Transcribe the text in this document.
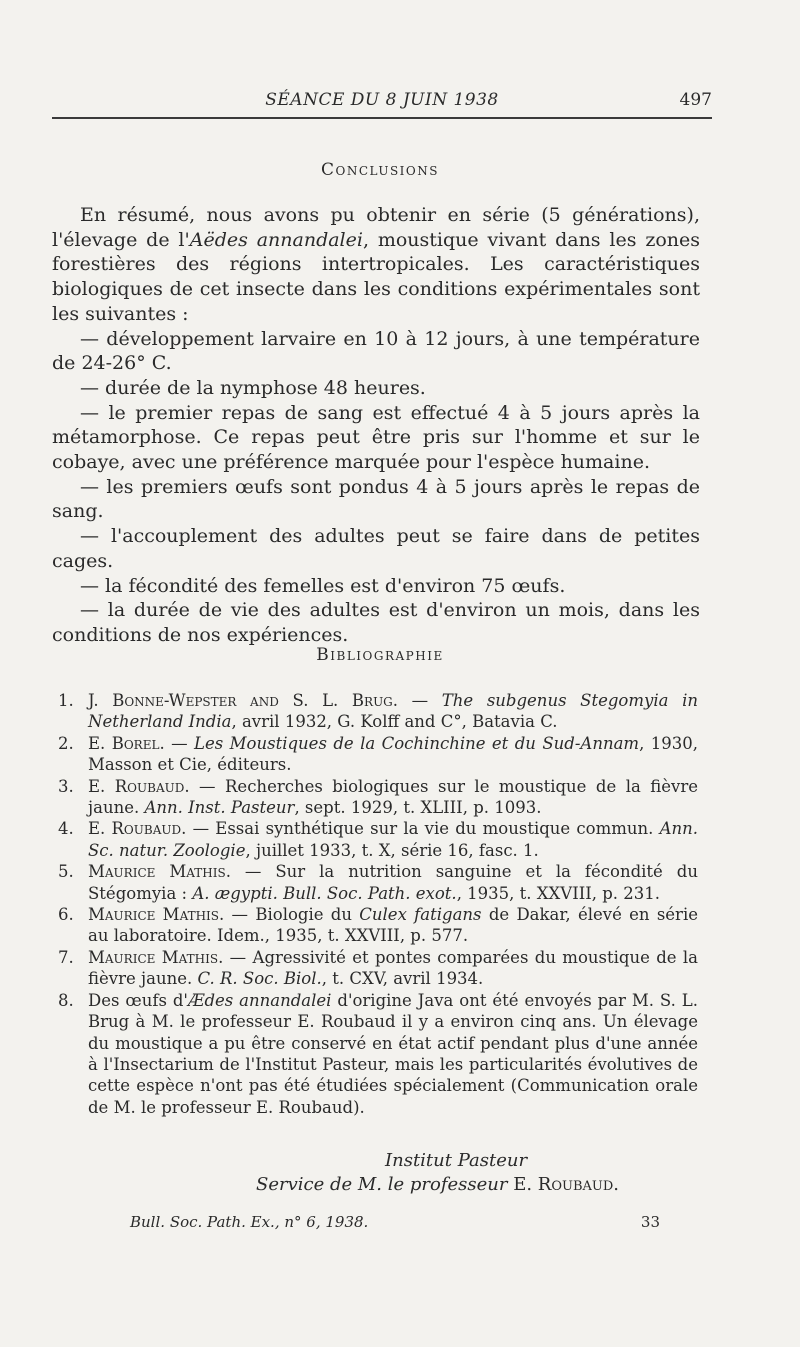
SÉANCE DU 8 JUIN 1938	497
Conclusions

En résumé, nous avons pu obtenir en série (5 générations), l'élevage de l'Aëdes annandalei, moustique vivant dans les zones forestières des régions intertropicales. Les caractéristiques biologiques de cet insecte dans les conditions expérimentales sont les suivantes :

— développement larvaire en 10 à 12 jours, à une température de 24-26° C.

— durée de la nymphose 48 heures.

— le premier repas de sang est effectué 4 à 5 jours après la métamorphose. Ce repas peut être pris sur l'homme et sur le cobaye, avec une préférence marquée pour l'espèce humaine.

— les premiers œufs sont pondus 4 à 5 jours après le repas de sang.

— l'accouplement des adultes peut se faire dans de petites cages.

— la fécondité des femelles est d'environ 75 œufs.

— la durée de vie des adultes est d'environ un mois, dans les conditions de nos expériences.

Bibliographie
1. J. Bonne-Wepster and S. L. Brug. — The subgenus Stegomyia in Netherland India, avril 1932, G. Kolff and C°, Batavia C.
2. E. Borel. — Les Moustiques de la Cochinchine et du Sud-Annam, 1930, Masson et Cie, éditeurs.
3. E. Roubaud. — Recherches biologiques sur le moustique de la fièvre jaune. Ann. Inst. Pasteur, sept. 1929, t. XLIII, p. 1093.
4. E. Roubaud. — Essai synthétique sur la vie du moustique commun. Ann. Sc. natur. Zoologie, juillet 1933, t. X, série 16, fasc. 1.
5. Maurice Mathis. — Sur la nutrition sanguine et la fécondité du Stégomyia : A. ægypti. Bull. Soc. Path. exot., 1935, t. XXVIII, p. 231.
6. Maurice Mathis. — Biologie du Culex fatigans de Dakar, élevé en série au laboratoire. Idem., 1935, t. XXVIII, p. 577.
7. Maurice Mathis. — Agressivité et pontes comparées du moustique de la fièvre jaune. C. R. Soc. Biol., t. CXV, avril 1934.
8. Des œufs d'Ædes annandalei d'origine Java ont été envoyés par M. S. L. Brug à M. le professeur E. Roubaud il y a environ cinq ans. Un élevage du moustique a pu être conservé en état actif pendant plus d'une année à l'Insectarium de l'Institut Pasteur, mais les particularités évolutives de cette espèce n'ont pas été étudiées spécialement (Communication orale de M. le professeur E. Roubaud).
Institut Pasteur
Service de M. le professeur E. Roubaud.
Bull. Soc. Path. Ex., n° 6, 1938.	33
